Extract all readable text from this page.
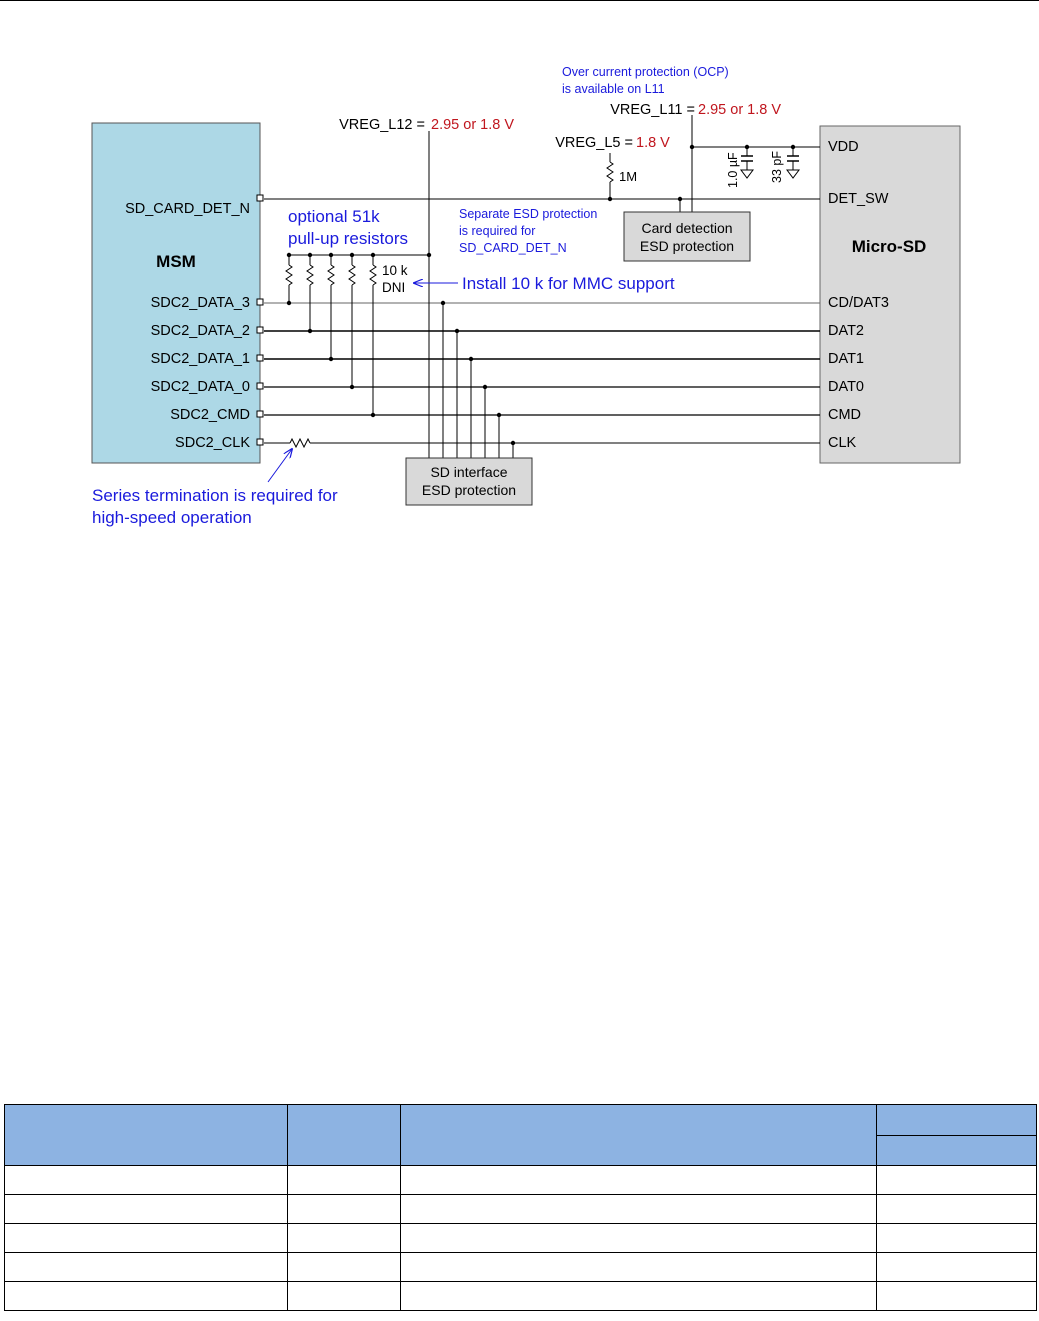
MSM
Micro-SD
SD_CARD_DET_N
SDC2_DATA_3
SDC2_DATA_2
SDC2_DATA_1
SDC2_DATA_0
SDC2_CMD
SDC2_CLK
VDD
DET_SW
CD/DAT3
DAT2
DAT1
DAT0
CMD
CLK
VREG_L12 = 2.95 or 1.8 V
VREG_L11 = 2.95 or 1.8 V
VREG_L5 = 1.8 V
1M	1.0 µF 33 pF
10 k
DNI
Card detection
ESD protection
SD interface
ESD protection
Over current protection (OCP)
is available on L11
Separate ESD protection
is required for
SD_CARD_DET_N
optional 51k
pull-up resistors
Install 10 k for MMC support
Series termination is required for
high-speed operation
